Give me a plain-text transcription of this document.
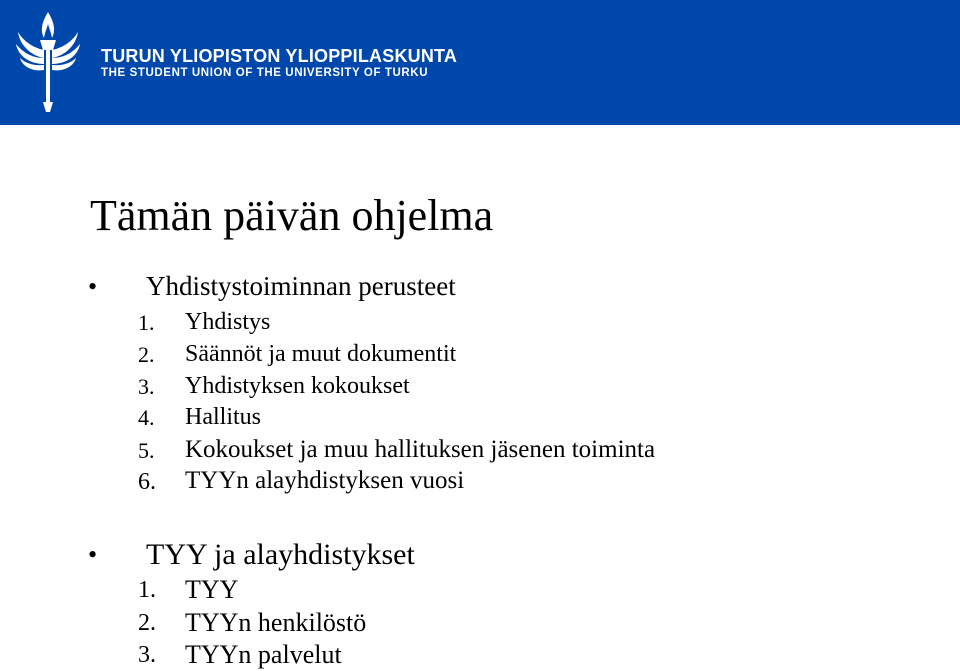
TURUN YLIOPISTON YLIOPPILASKUNTA
THE STUDENT UNION OF THE UNIVERSITY OF TURKU
Tämän päivän ohjelma
• Yhdistystoiminnan perusteet
1. Yhdistys
2. Säännöt ja muut dokumentit
3. Yhdistyksen kokoukset
4. Hallitus
5. Kokoukset ja muu hallituksen jäsenen toiminta
6. TYYn alayhdistyksen vuosi
• TYY ja alayhdistykset
1. TYY
2. TYYn henkilöstö
3. TYYn palvelut
